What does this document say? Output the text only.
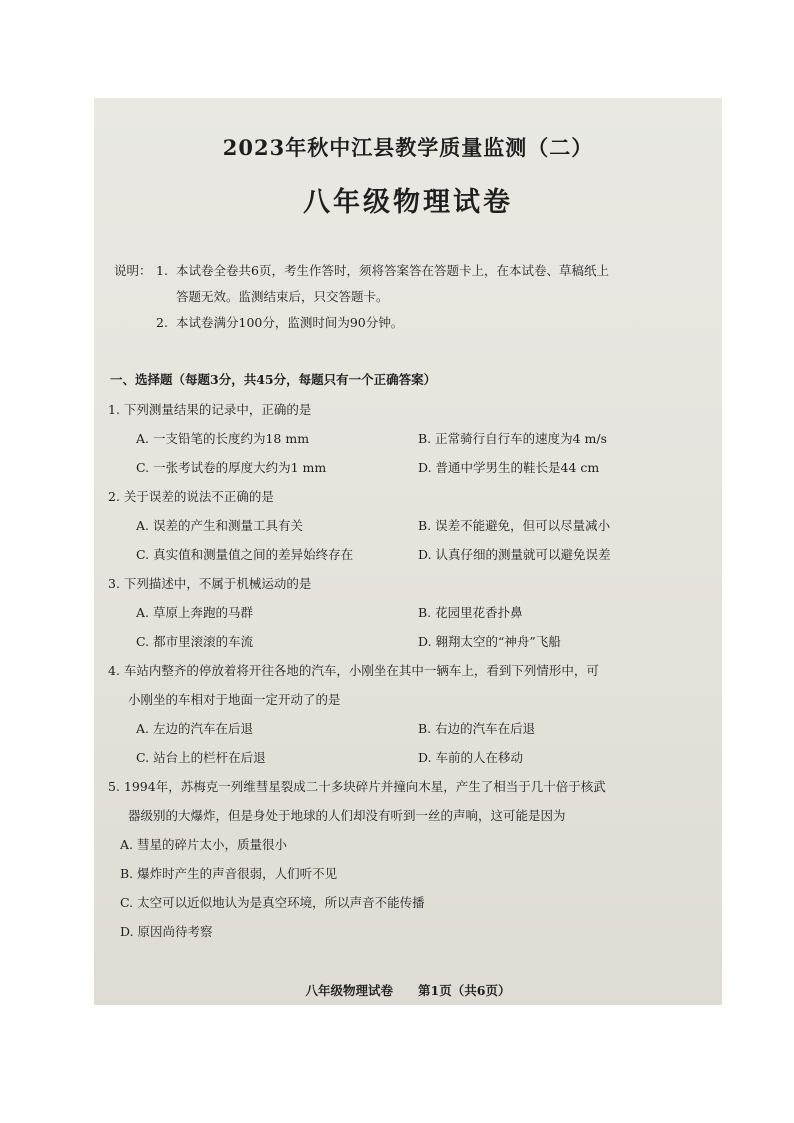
2023年秋中江县教学质量监测（二）
八年级物理试卷
说明： 1. 本试卷全卷共6页，考生作答时，须将答案答在答题卡上，在本试卷、草稿纸上
答题无效。监测结束后，只交答题卡。
2. 本试卷满分100分，监测时间为90分钟。
一、选择题（每题3分，共45分，每题只有一个正确答案）
1. 下列测量结果的记录中，正确的是
A. 一支铅笔的长度约为18 mm	B. 正常骑行自行车的速度为4 m/s
C. 一张考试卷的厚度大约为1 mm	D. 普通中学男生的鞋长是44 cm
2. 关于误差的说法不正确的是
A. 误差的产生和测量工具有关	B. 误差不能避免，但可以尽量减小
C. 真实值和测量值之间的差异始终存在	D. 认真仔细的测量就可以避免误差
3. 下列描述中，不属于机械运动的是
A. 草原上奔跑的马群	B. 花园里花香扑鼻
C. 都市里滚滚的车流	D. 翱翔太空的“神舟”飞船
4. 车站内整齐的停放着将开往各地的汽车，小刚坐在其中一辆车上，看到下列情形中，可
小刚坐的车相对于地面一定开动了的是
A. 左边的汽车在后退	B. 右边的汽车在后退
C. 站台上的栏杆在后退	D. 车前的人在移动
5. 1994年，苏梅克一列维彗星裂成二十多块碎片并撞向木星，产生了相当于几十倍于核武
器级别的大爆炸，但是身处于地球的人们却没有听到一丝的声响，这可能是因为
A. 彗星的碎片太小，质量很小
B. 爆炸时产生的声音很弱，人们听不见
C. 太空可以近似地认为是真空环境，所以声音不能传播
D. 原因尚待考察
八年级物理试卷　　第1页（共6页）
